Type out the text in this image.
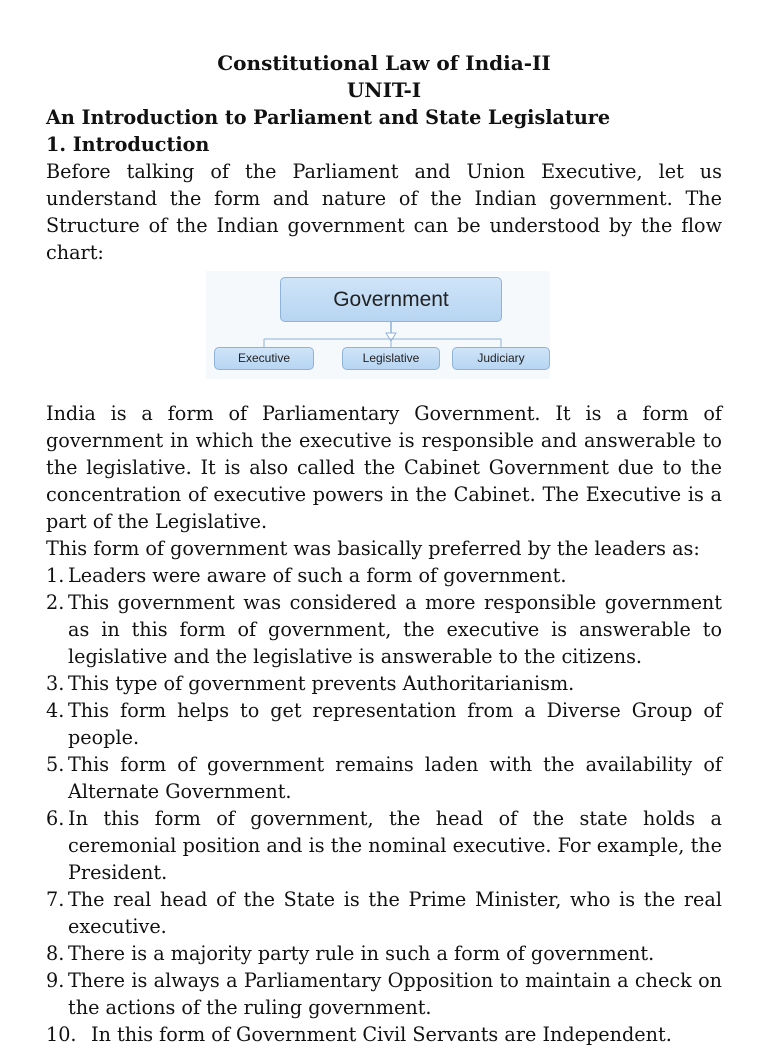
Constitutional Law of India-II
UNIT-I
An Introduction to Parliament and State Legislature
1. Introduction

Before talking of the Parliament and Union Executive, let us understand the form and nature of the Indian government. The Structure of the Indian government can be understood by the flow chart:

Government
Executive	Legislative	Judiciary

India is a form of Parliamentary Government. It is a form of government in which the executive is responsible and answerable to the legislative. It is also called the Cabinet Government due to the concentration of executive powers in the Cabinet. The Executive is a part of the Legislative.

This form of government was basically preferred by the leaders as:

1. Leaders were aware of such a form of government.
2. This government was considered a more responsible government as in this form of government, the executive is answerable to legislative and the legislative is answerable to the citizens.
3. This type of government prevents Authoritarianism.
4. This form helps to get representation from a Diverse Group of people.
5. This form of government remains laden with the availability of Alternate Government.
6. In this form of government, the head of the state holds a ceremonial position and is the nominal executive. For example, the President.
7. The real head of the State is the Prime Minister, who is the real executive.
8. There is a majority party rule in such a form of government.
9. There is always a Parliamentary Opposition to maintain a check on the actions of the ruling government.
10. In this form of Government Civil Servants are Independent.
